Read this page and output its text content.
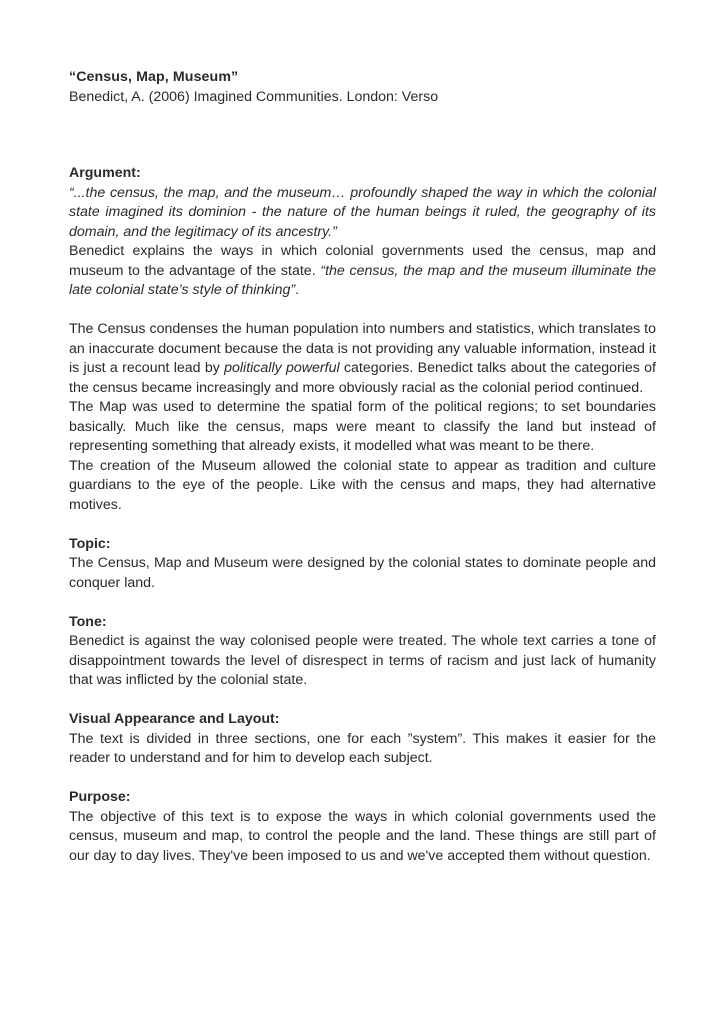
“Census, Map, Museum”

Benedict, A. (2006) Imagined Communities. London: Verso

Argument:

“...the census, the map, and the museum… profoundly shaped the way in which the colonial state imagined its dominion - the nature of the human beings it ruled, the geography of its domain, and the legitimacy of its ancestry.”

Benedict explains the ways in which colonial governments used the census, map and museum to the advantage of the state. “the census, the map and the museum illuminate the late colonial state’s style of thinking”.

The Census condenses the human population into numbers and statistics, which translates to an inaccurate document because the data is not providing any valuable information, instead it is just a recount lead by politically powerful categories. Benedict talks about the categories of the census became increasingly and more obviously racial as the colonial period continued.

The Map was used to determine the spatial form of the political regions; to set boundaries basically. Much like the census, maps were meant to classify the land but instead of representing something that already exists, it modelled what was meant to be there.

The creation of the Museum allowed the colonial state to appear as tradition and culture guardians to the eye of the people. Like with the census and maps, they had alternative motives.

Topic:

The Census, Map and Museum were designed by the colonial states to dominate people and conquer land.

Tone:

Benedict is against the way colonised people were treated. The whole text carries a tone of disappointment towards the level of disrespect in terms of racism and just lack of humanity that was inflicted by the colonial state.

Visual Appearance and Layout:

The text is divided in three sections, one for each ”system”. This makes it easier for the reader to understand and for him to develop each subject.

Purpose:

The objective of this text is to expose the ways in which colonial governments used the census, museum and map, to control the people and the land. These things are still part of our day to day lives. They've been imposed to us and we've accepted them without question.
